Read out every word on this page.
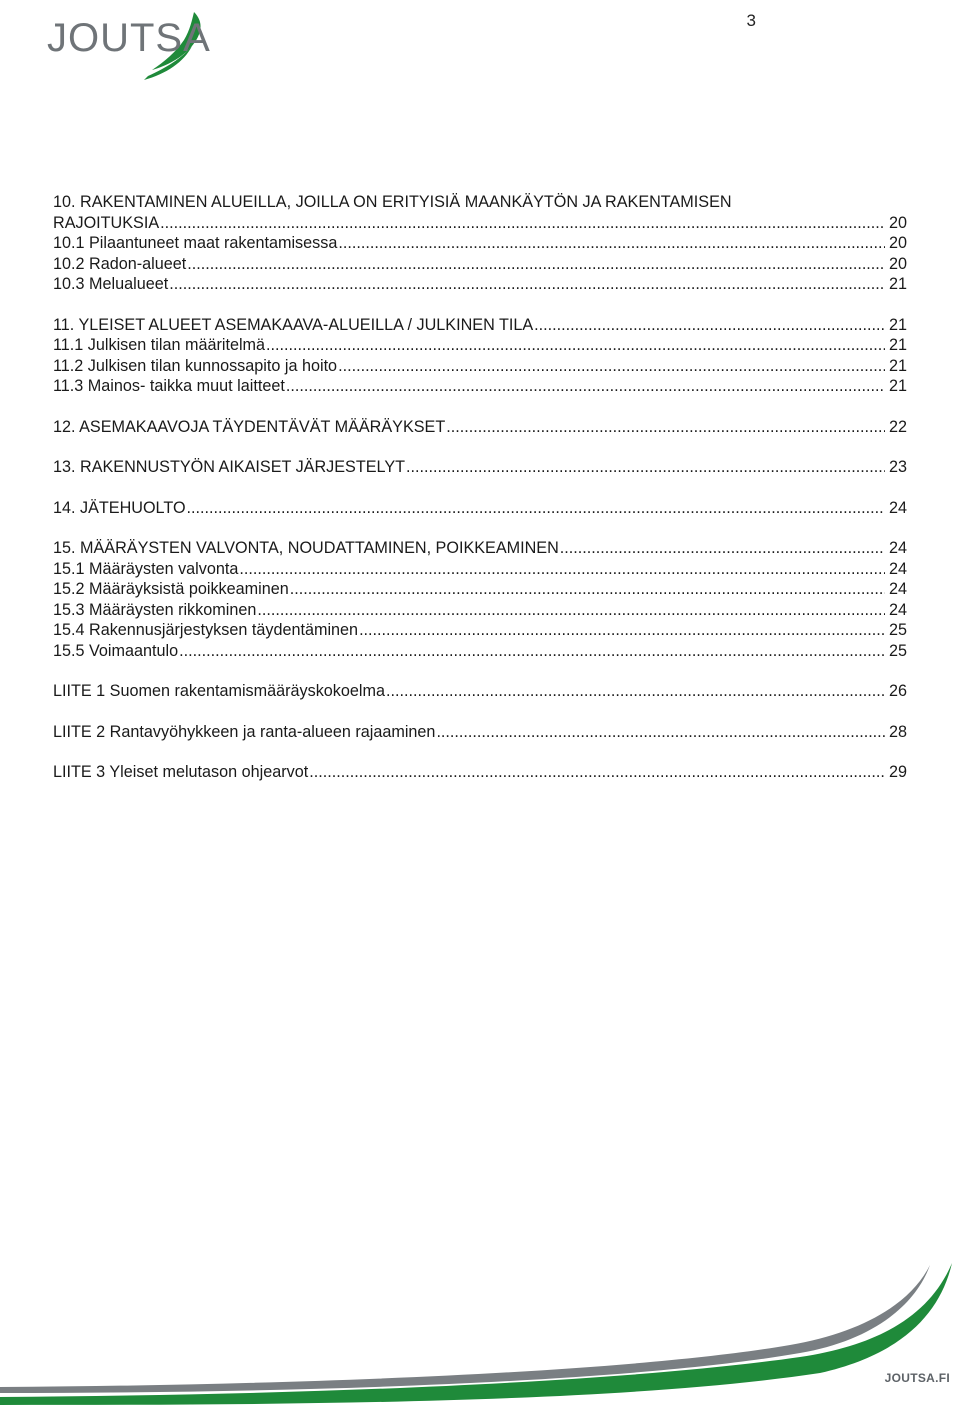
JOUTSA	3
10. RAKENTAMINEN ALUEILLA, JOILLA ON ERITYISIÄ MAANKÄYTÖN JA RAKENTAMISEN
RAJOITUKSIA .....	20
10.1 Pilaantuneet maat rakentamisessa .....	20
10.2 Radon-alueet .....	20
10.3 Melualueet .....	21
11. YLEISET ALUEET ASEMAKAAVA-ALUEILLA / JULKINEN TILA .....	21
11.1 Julkisen tilan määritelmä .....	21
11.2 Julkisen tilan kunnossapito ja hoito .....	21
11.3 Mainos- taikka muut laitteet .....	21
12. ASEMAKAAVOJA TÄYDENTÄVÄT MÄÄRÄYKSET .....	22
13. RAKENNUSTYÖN AIKAISET JÄRJESTELYT .....	23
14. JÄTEHUOLTO .....	24
15. MÄÄRÄYSTEN VALVONTA, NOUDATTAMINEN, POIKKEAMINEN .....	24
15.1 Määräysten valvonta .....	24
15.2 Määräyksistä poikkeaminen .....	24
15.3 Määräysten rikkominen .....	24
15.4 Rakennusjärjestyksen täydentäminen .....	25
15.5 Voimaantulo .....	25
LIITE 1 Suomen rakentamismääräyskokoelma .....	26
LIITE 2 Rantavyöhykkeen ja ranta-alueen rajaaminen .....	28
LIITE 3 Yleiset melutason ohjearvot .....	29
JOUTSA.FI
